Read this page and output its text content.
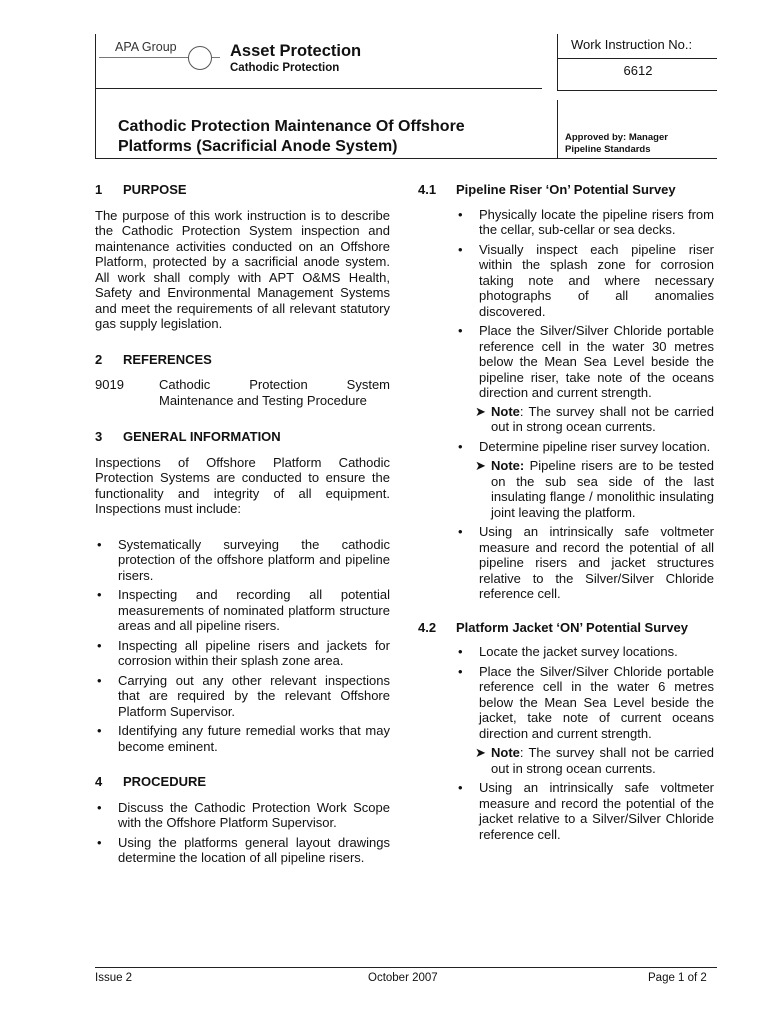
APA Group	Asset Protection
Cathodic Protection
Work Instruction No.:
6612
Cathodic Protection Maintenance Of Offshore
Platforms (Sacrificial Anode System)
Approved by: Manager
Pipeline Standards
1	PURPOSE

The purpose of this work instruction is to describe the Cathodic Protection System inspection and maintenance activities conducted on an Offshore Platform, protected by a sacrificial anode system. All work shall comply with APT O&MS Health, Safety and Environmental Management Systems and meet the requirements of all relevant statutory gas supply legislation.

2	REFERENCES
9019	Cathodic Protection System Maintenance and Testing Procedure
3	GENERAL INFORMATION

Inspections of Offshore Platform Cathodic Protection Systems are conducted to ensure the functionality and integrity of all equipment. Inspections must include:

• Systematically surveying the cathodic protection of the offshore platform and pipeline risers.
• Inspecting and recording all potential measurements of nominated platform structure areas and all pipeline risers.
• Inspecting all pipeline risers and jackets for corrosion within their splash zone area.
• Carrying out any other relevant inspections that are required by the relevant Offshore Platform Supervisor.
• Identifying any future remedial works that may become eminent.
4	PROCEDURE
• Discuss the Cathodic Protection Work Scope with the Offshore Platform Supervisor.
• Using the platforms general layout drawings determine the location of all pipeline risers.
4.1	Pipeline Riser ‘On’ Potential Survey
• Physically locate the pipeline risers from the cellar, sub-cellar or sea decks.
• Visually inspect each pipeline riser within the splash zone for corrosion taking note and where necessary photographs of all anomalies discovered.
• Place the Silver/Silver Chloride portable reference cell in the water 30 metres below the Mean Sea Level beside the pipeline riser, take note of the oceans direction and current strength.
➤ Note: The survey shall not be carried out in strong ocean currents.
• Determine pipeline riser survey location.
➤ Note: Pipeline risers are to be tested on the sub sea side of the last insulating flange / monolithic insulating joint leaving the platform.
• Using an intrinsically safe voltmeter measure and record the potential of all pipeline risers and jacket structures relative to the Silver/Silver Chloride reference cell.
4.2	Platform Jacket ‘ON’ Potential Survey
• Locate the jacket survey locations.
• Place the Silver/Silver Chloride portable reference cell in the water 6 metres below the Mean Sea Level beside the jacket, take note of current oceans direction and current strength.
➤ Note: The survey shall not be carried out in strong ocean currents.
• Using an intrinsically safe voltmeter measure and record the potential of the jacket relative to a Silver/Silver Chloride reference cell.
Issue 2	October 2007	Page 1 of 2
